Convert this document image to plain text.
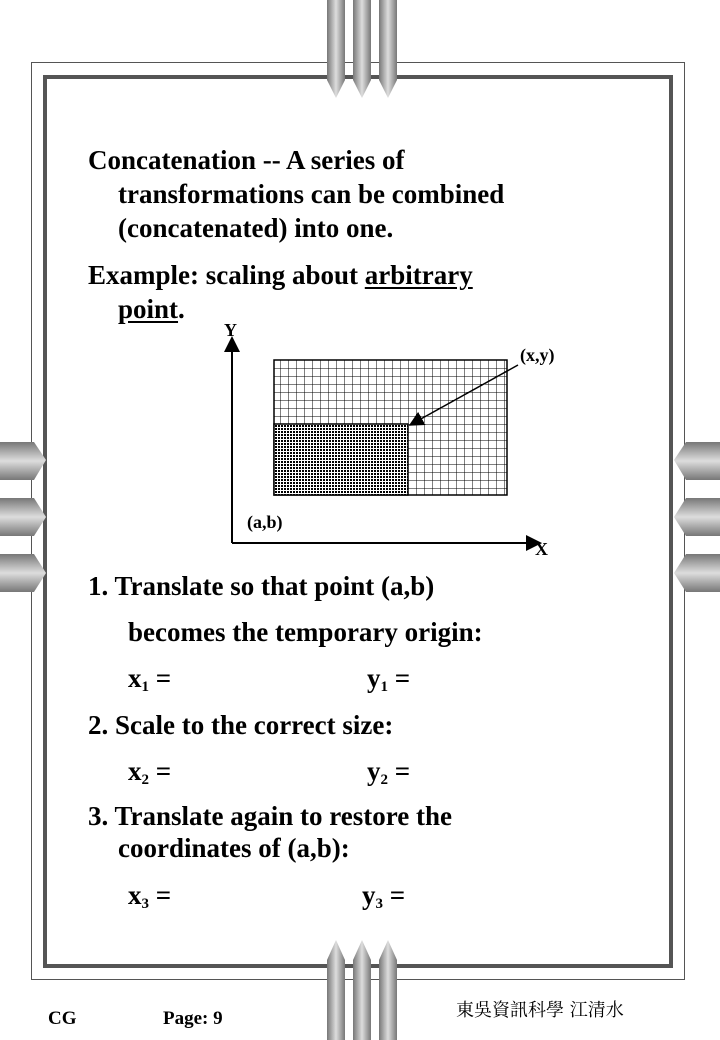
Concatenation -- A series of
transformations can be combined
(concatenated) into one.
Example: scaling about arbitrary
point.
Y
X
(x,y)
(a,b)
1. Translate so that point (a,b)
becomes the temporary origin:
$x_1$ =	$y_1$ =
2. Scale to the correct size:
$x_2$ =	$y_2$ =
3. Translate again to restore the
coordinates of (a,b):
$x_3$ =	$y_3$ =
CG	Page: 9	東吳資訊科學 江清水
